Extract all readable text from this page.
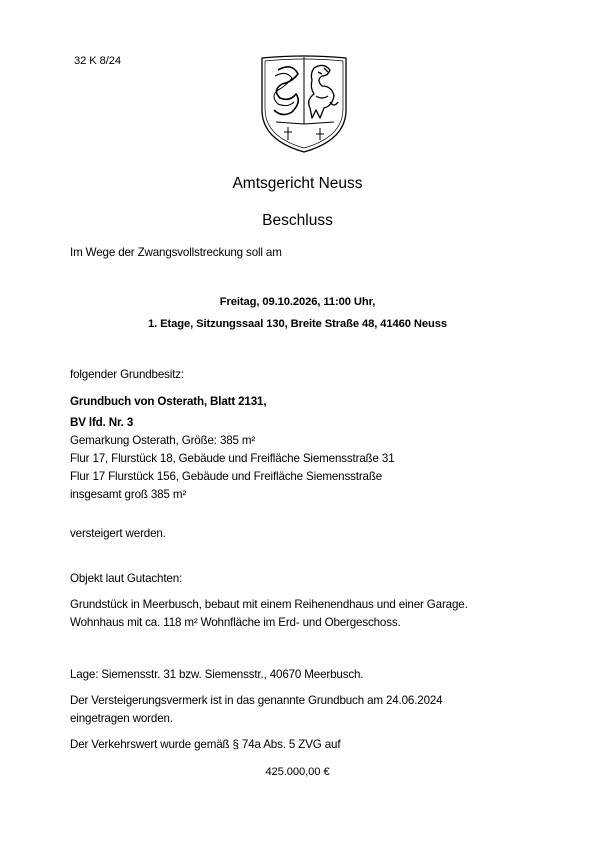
32 K 8/24
Amtsgericht Neuss
Beschluss
Im Wege der Zwangsvollstreckung soll am
Freitag, 09.10.2026, 11:00 Uhr,
1. Etage, Sitzungssaal 130, Breite Straße 48, 41460 Neuss
folgender Grundbesitz:
Grundbuch von Osterath, Blatt 2131,
BV lfd. Nr. 3
Gemarkung Osterath, Größe: 385 m²
Flur 17, Flurstück 18, Gebäude und Freifläche Siemensstraße 31
Flur 17 Flurstück 156, Gebäude und Freifläche Siemensstraße
insgesamt groß 385 m²
versteigert werden.
Objekt laut Gutachten:
Grundstück in Meerbusch, bebaut mit einem Reihenendhaus und einer Garage.
Wohnhaus mit ca. 118 m² Wohnfläche im Erd- und Obergeschoss.
Lage: Siemensstr. 31 bzw. Siemensstr., 40670 Meerbusch.
Der Versteigerungsvermerk ist in das genannte Grundbuch am 24.06.2024
eingetragen worden.
Der Verkehrswert wurde gemäß § 74a Abs. 5 ZVG auf
425.000,00 €
